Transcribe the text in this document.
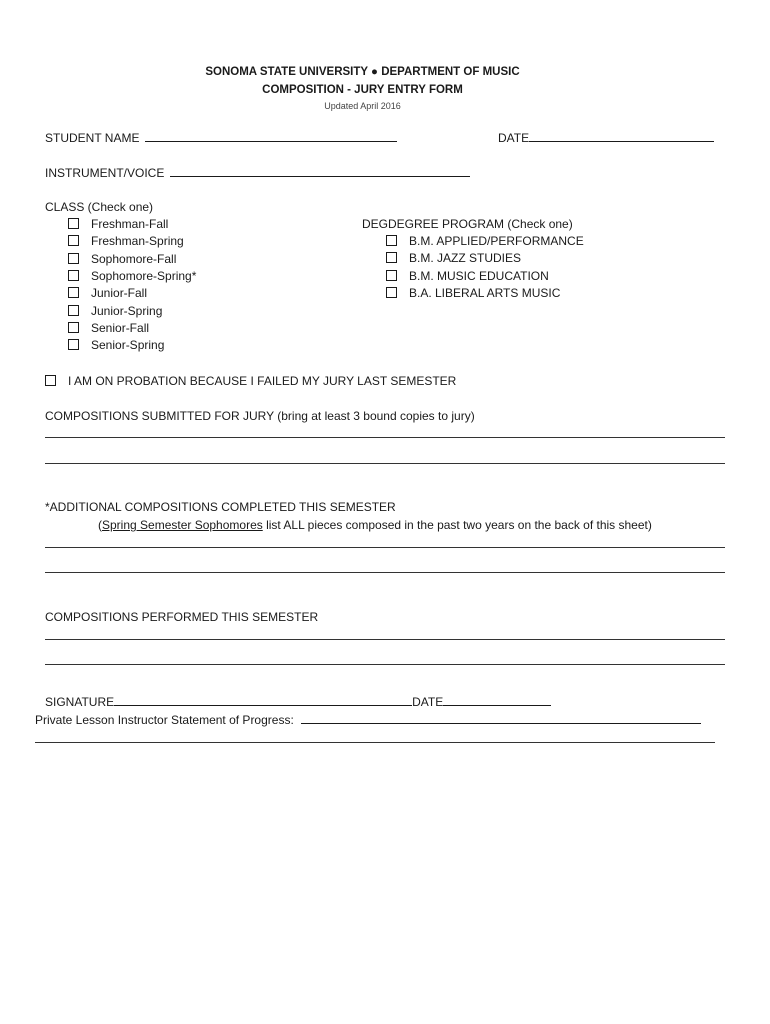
SONOMA STATE UNIVERSITY ● DEPARTMENT OF MUSIC
COMPOSITION - JURY ENTRY FORM
Updated April 2016
STUDENT NAME	DATE
INSTRUMENT/VOICE
CLASS (Check one)
Freshman-Fall
Freshman-Spring
Sophomore-Fall
Sophomore-Spring*
Junior-Fall
Junior-Spring
Senior-Fall
Senior-Spring
DEGDEGREE PROGRAM (Check one)
B.M. APPLIED/PERFORMANCE
B.M. JAZZ STUDIES
B.M. MUSIC EDUCATION
B.A. LIBERAL ARTS MUSIC
I AM ON PROBATION BECAUSE I FAILED MY JURY LAST SEMESTER
COMPOSITIONS SUBMITTED FOR JURY (bring at least 3 bound copies to jury)
*ADDITIONAL COMPOSITIONS COMPLETED THIS SEMESTER
(Spring Semester Sophomores list ALL pieces composed in the past two years on the back of this sheet)
COMPOSITIONS PERFORMED THIS SEMESTER
SIGNATURE	DATE
Private Lesson Instructor Statement of Progress:
